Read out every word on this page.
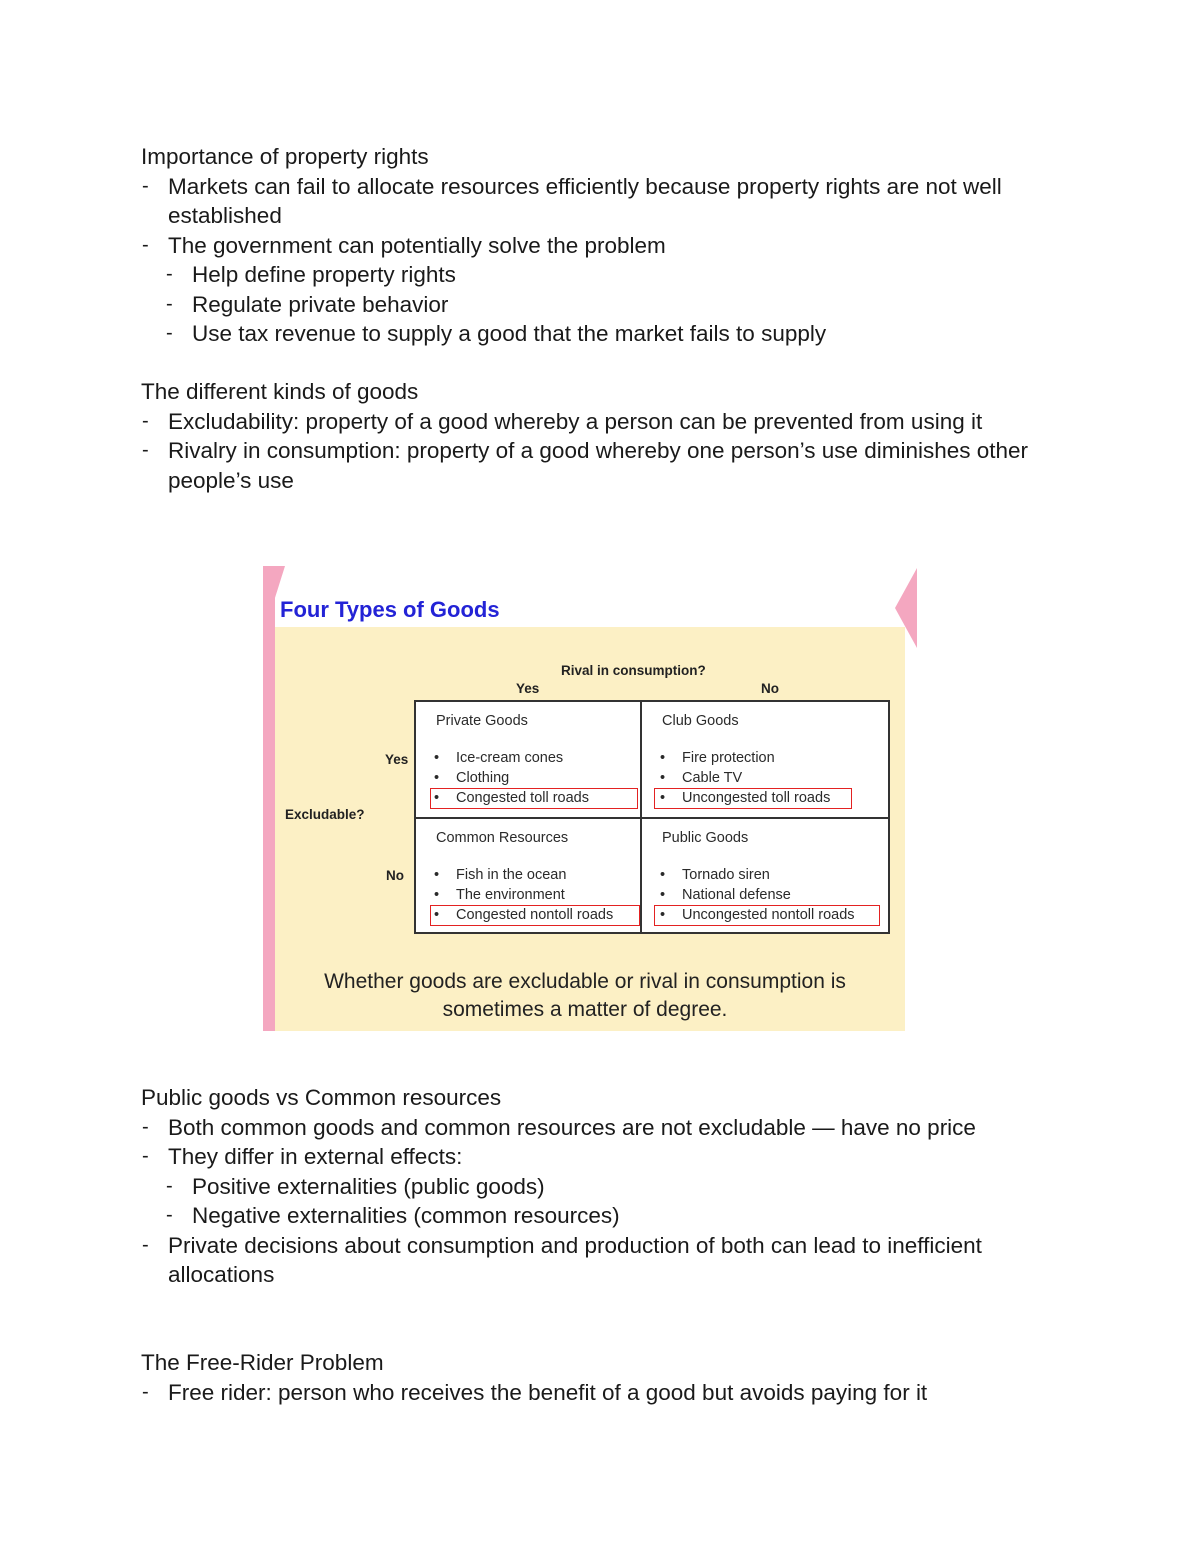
Importance of property rights

- Markets can fail to allocate resources efficiently because property rights are not well established
- The government can potentially solve the problem
- Help define property rights
- Regulate private behavior
- Use tax revenue to supply a good that the market fails to supply

The different kinds of goods

- Excludability: property of a good whereby a person can be prevented from using it
- Rivalry in consumption: property of a good whereby one person’s use diminishes other people’s use
Four Types of Goods
Rival in consumption?
Yes	No
Excludable?
Yes
No
Private Goods
• Ice-cream cones
• Clothing
• Congested toll roads
Club Goods
• Fire protection
• Cable TV
• Uncongested toll roads
Common Resources
• Fish in the ocean
• The environment
• Congested nontoll roads
Public Goods
• Tornado siren
• National defense
• Uncongested nontoll roads
Whether goods are excludable or rival in consumption is
sometimes a matter of degree.

Public goods vs Common resources

- Both common goods and common resources are not excludable — have no price
- They differ in external effects:
- Positive externalities (public goods)
- Negative externalities (common resources)
- Private decisions about consumption and production of both can lead to inefficient allocations

The Free-Rider Problem

- Free rider: person who receives the benefit of a good but avoids paying for it
